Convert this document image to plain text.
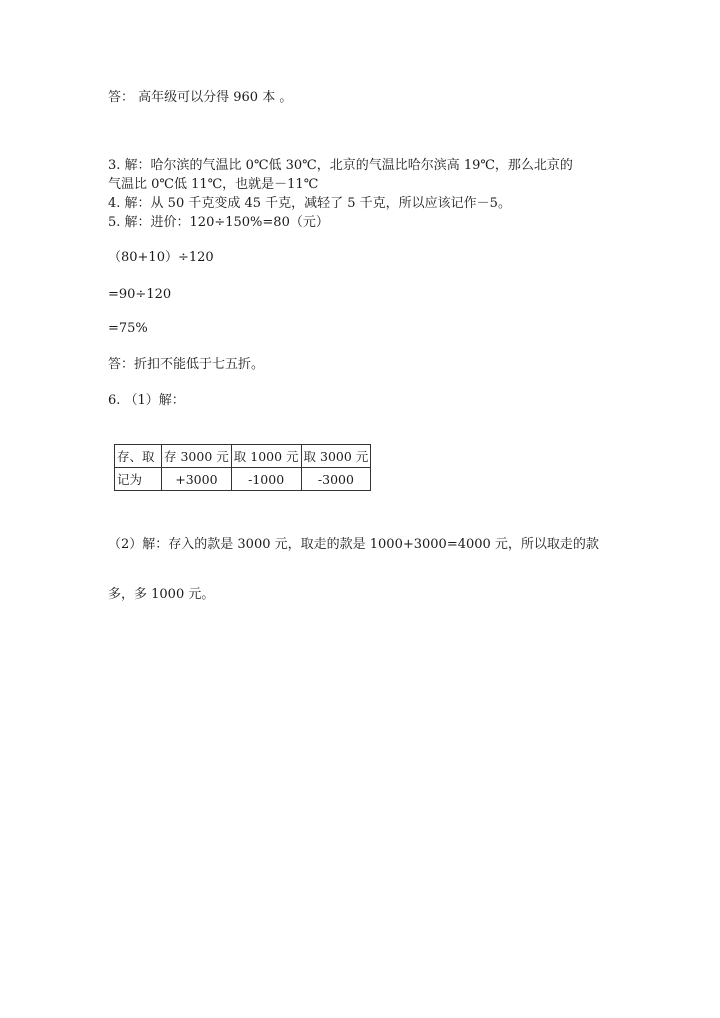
答： 高年级可以分得 960 本 。
3. 解：哈尔滨的气温比 0℃低 30℃，北京的气温比哈尔滨高 19℃，那么北京的
气温比 0℃低 11℃，也就是－11℃
4. 解：从 50 千克变成 45 千克，减轻了 5 千克，所以应该记作－5。
5. 解：进价：120÷150%=80（元）
（80+10）÷120
=90÷120
=75%
答：折扣不能低于七五折。
6. （1）解：
存、取	存 3000 元	取 1000 元	取 3000 元
记为	+3000	-1000	-3000
（2）解：存入的款是 3000 元，取走的款是 1000+3000=4000 元，所以取走的款
多，多 1000 元。
